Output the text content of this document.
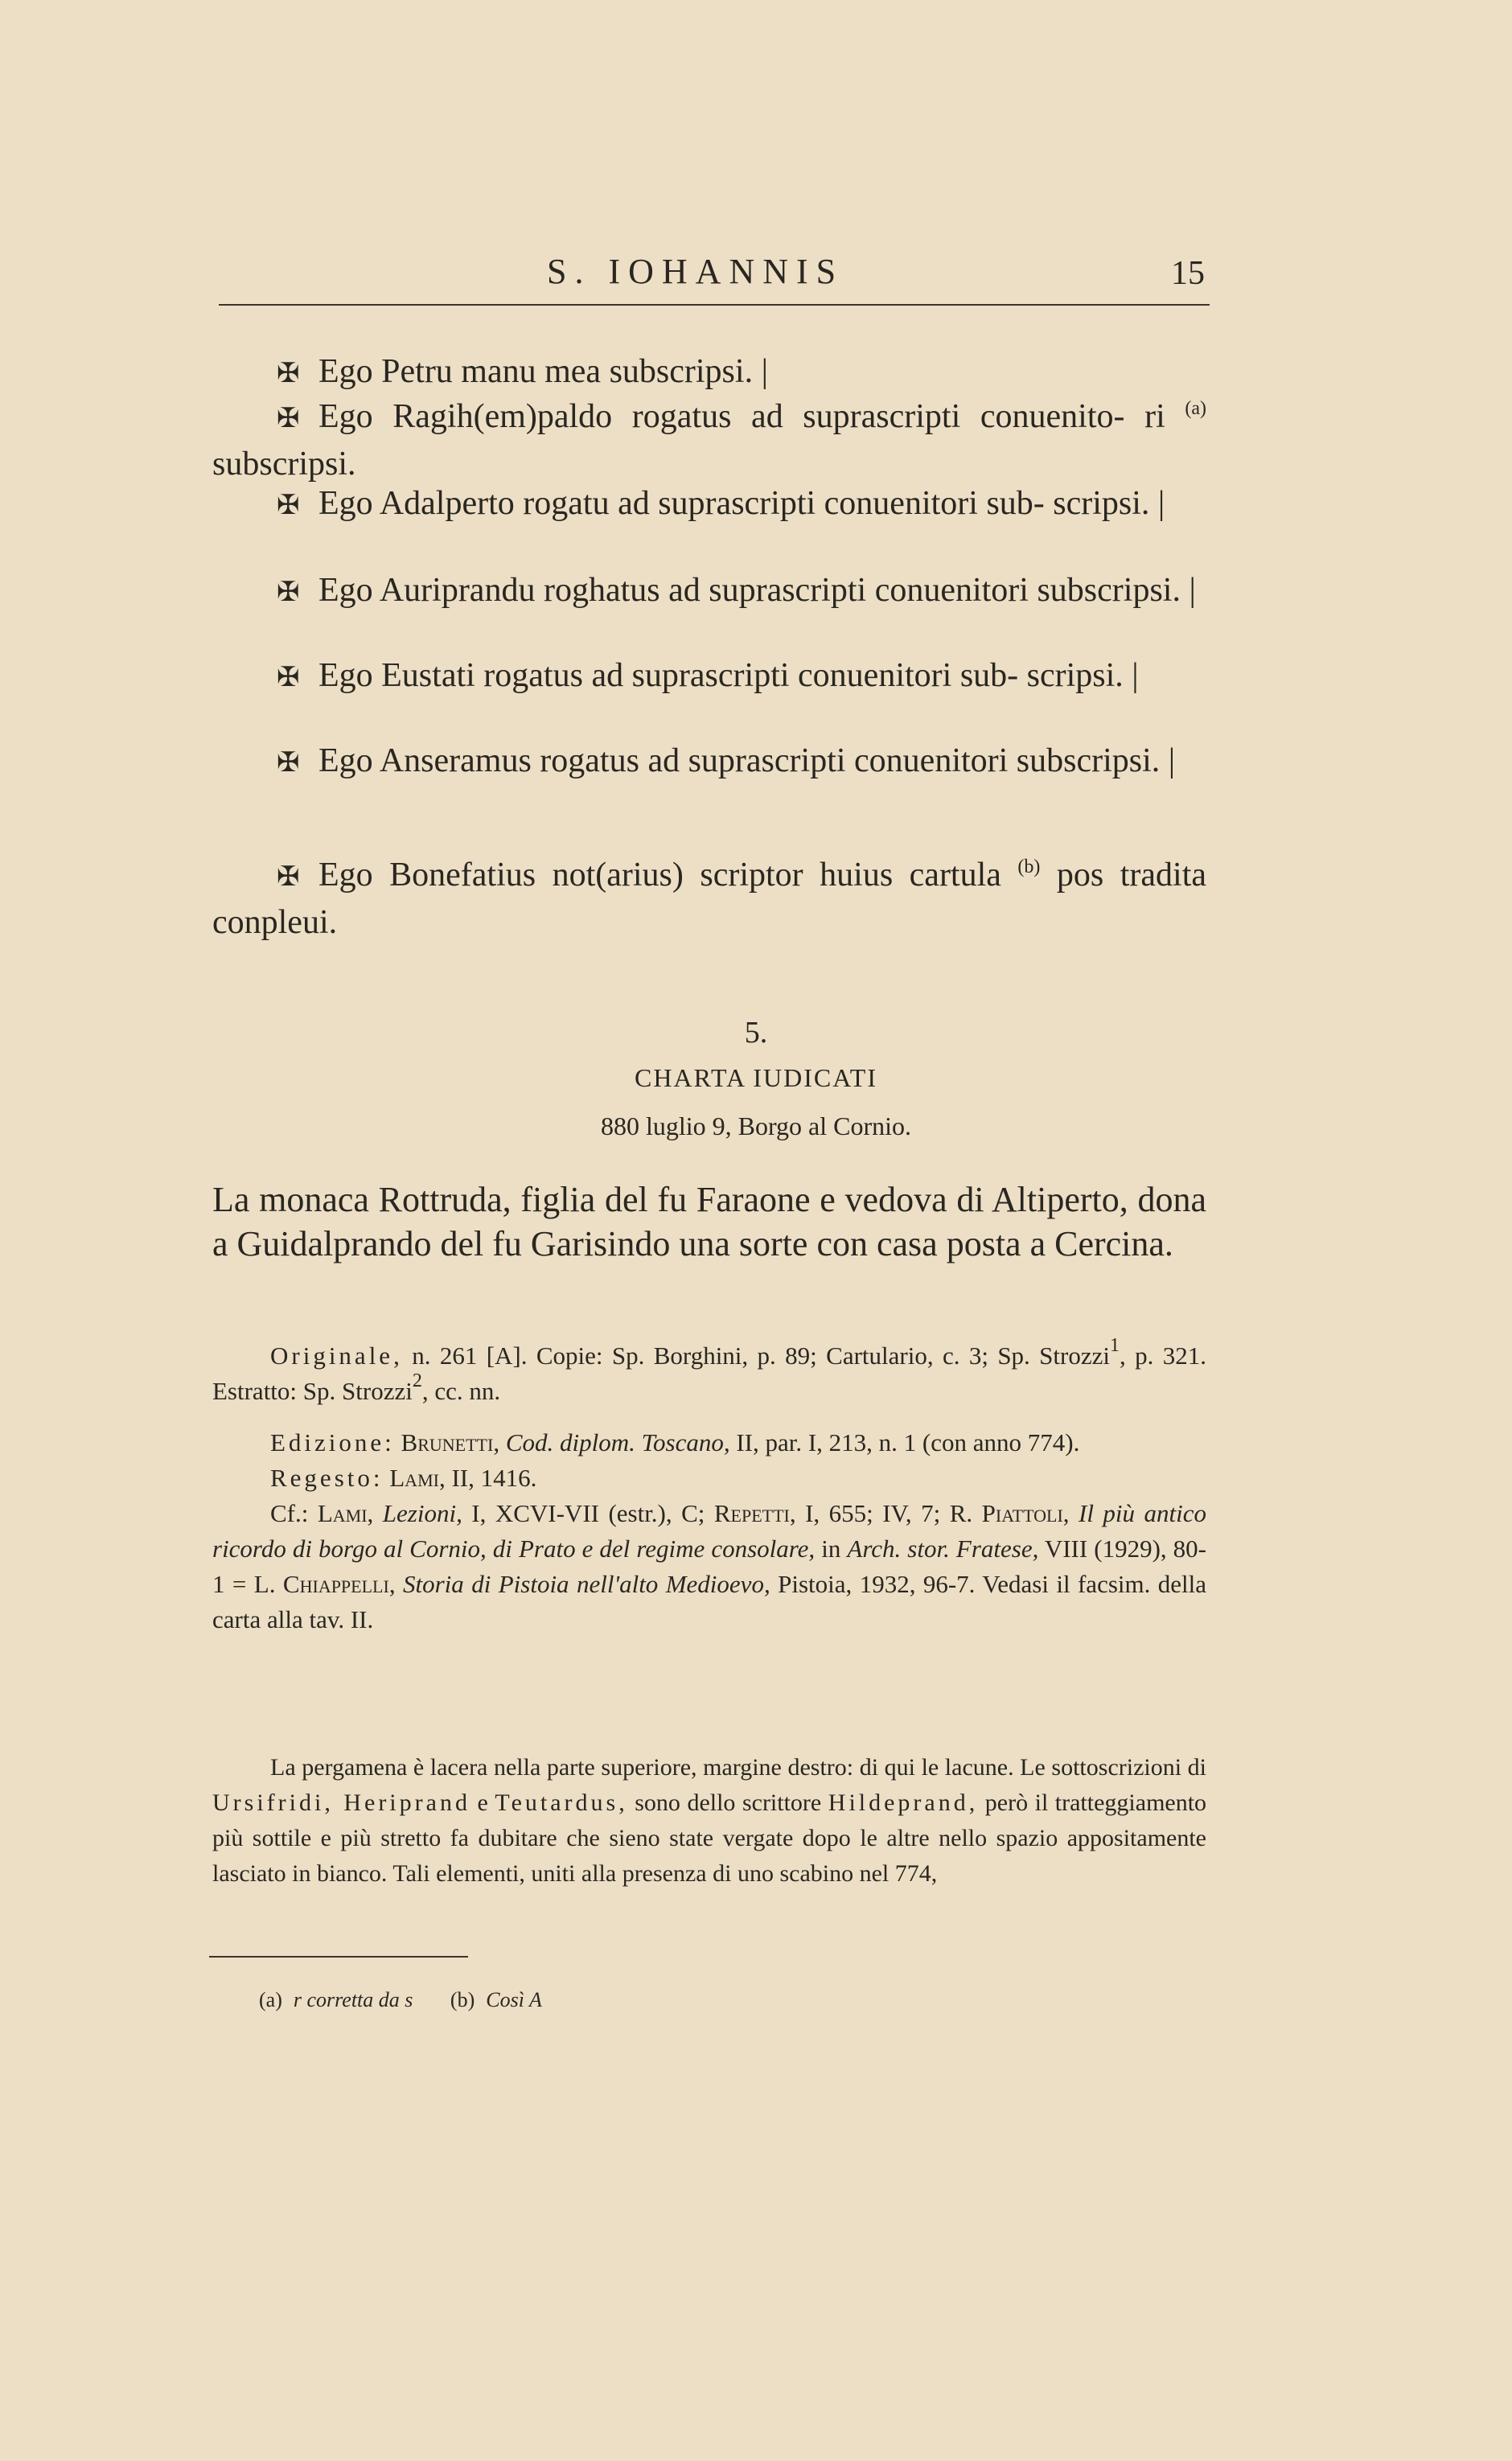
S. IOHANNIS	15
✠ Ego Petru manu mea subscripsi. |
✠ Ego Ragih(em)paldo rogatus ad suprascripti conuenito- ri $^{(a)}$ subscripsi.
✠ Ego Adalperto rogatu ad suprascripti conuenitori sub- scripsi. |
✠ Ego Auriprandu roghatus ad suprascripti conuenitori subscripsi. |
✠ Ego Eustati rogatus ad suprascripti conuenitori sub- scripsi. |
✠ Ego Anseramus rogatus ad suprascripti conuenitori subscripsi. |
✠ Ego Bonefatius not(arius) scriptor huius cartula $^{(b)}$ pos tradita conpleui.
5.
CHARTA IUDICATI
880 luglio 9, Borgo al Cornio.
La monaca Rottruda, figlia del fu Faraone e vedova di Altiperto, dona a Guidalprando del fu Garisindo una sorte con casa posta a Cercina.

Originale, n. 261 [A]. Copie: Sp. Borghini, p. 89; Cartulario, c. 3; Sp. Strozzi$^1$, p. 321. Estratto: Sp. Strozzi$^2$, cc. nn.

Edizione: Brunetti, Cod. diplom. Toscano, II, par. I, 213, n. 1 (con anno 774).

Regesto: Lami, II, 1416.

Cf.: Lami, Lezioni, I, XCVI-VII (estr.), C; Repetti, I, 655; IV, 7; R. Piattoli, Il più antico ricordo di borgo al Cornio, di Prato e del regime consolare, in Arch. stor. Fratese, VIII (1929), 80-1 = L. Chiappelli, Storia di Pistoia nell'alto Medioevo, Pistoia, 1932, 96-7. Vedasi il facsim. della carta alla tav. II.

La pergamena è lacera nella parte superiore, margine destro: di qui le lacune. Le sottoscrizioni di Ursifridi, Heriprand e Teutardus, sono dello scrittore Hildeprand, però il tratteggiamento più sottile e più stretto fa dubitare che sieno state vergate dopo le altre nello spazio appositamente lasciato in bianco. Tali elementi, uniti alla presenza di uno scabino nel 774,
(a) r corretta da s (b) Così A
